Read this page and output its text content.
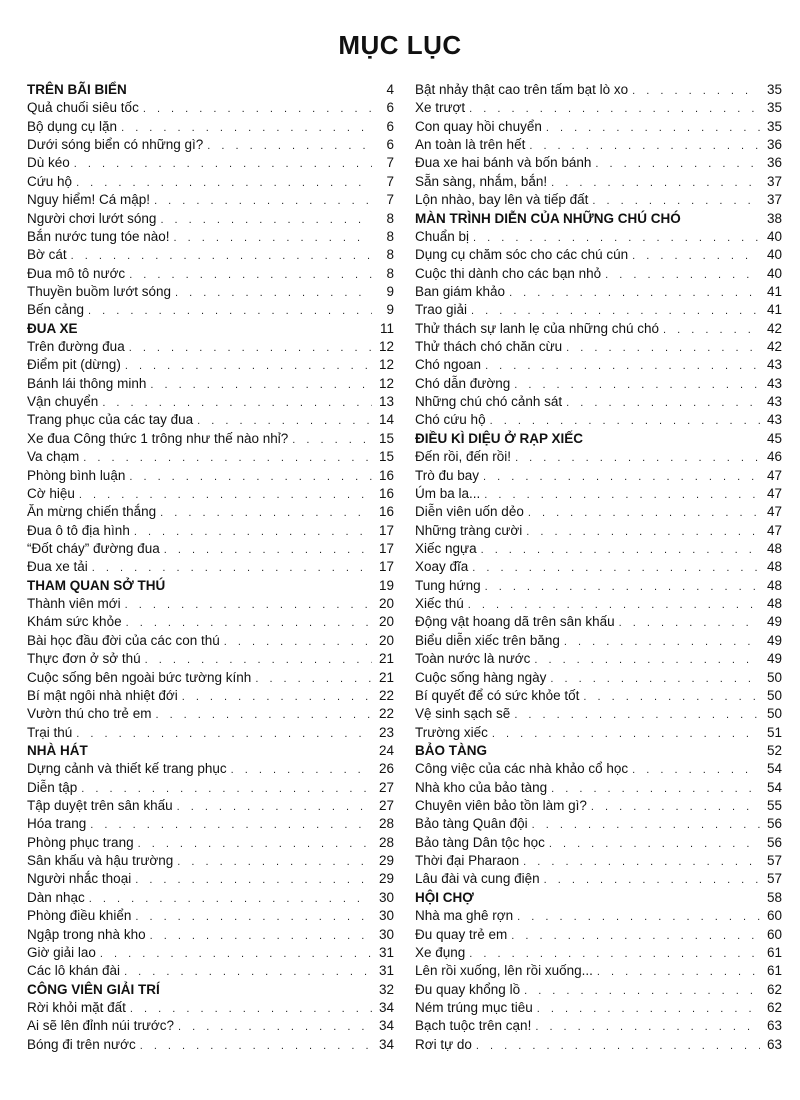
MỤC LỤC
TRÊN BÃI BIỂN	4
Quả chuối siêu tốc . . .	6
Bộ dụng cụ lặn . . .	6
Dưới sóng biển có những gì? . . .	6
Dù kéo . . .	7
Cứu hộ . . .	7
Nguy hiểm! Cá mập! . . .	7
Người chơi lướt sóng . . .	8
Bắn nước tung tóe nào! . . .	8
Bờ cát . . .	8
Đua mô tô nước . . .	8
Thuyền buồm lướt sóng . . .	9
Bến cảng . . .	9
ĐUA XE	11
Trên đường đua . . .	12
Điểm pit (dừng) . . .	12
Bánh lái thông minh . . .	12
Vận chuyển . . .	13
Trang phục của các tay đua . . .	14
Xe đua Công thức 1 trông như thế nào nhỉ? . . .	15
Va chạm . . .	15
Phòng bình luận . . .	16
Cờ hiệu . . .	16
Ăn mừng chiến thắng . . .	16
Đua ô tô địa hình . . .	17
“Đốt cháy” đường đua . . .	17
Đua xe tải . . .	17
THAM QUAN SỞ THÚ	19
Thành viên mới . . .	20
Khám sức khỏe . . .	20
Bài học đầu đời của các con thú . . .	20
Thực đơn ở sở thú . . .	21
Cuộc sống bên ngoài bức tường kính . . .	21
Bí mật ngôi nhà nhiệt đới . . .	22
Vườn thú cho trẻ em . . .	22
Trại thú . . .	23
NHÀ HÁT	24
Dựng cảnh và thiết kế trang phục . . .	26
Diễn tập . . .	27
Tập duyệt trên sân khấu . . .	27
Hóa trang . . .	28
Phòng phục trang . . .	28
Sân khấu và hậu trường . . .	29
Người nhắc thoại . . .	29
Dàn nhạc . . .	30
Phòng điều khiển . . .	30
Ngập trong nhà kho . . .	30
Giờ giải lao . . .	31
Các lô khán đài . . .	31
CÔNG VIÊN GIẢI TRÍ	32
Rời khỏi mặt đất . . .	34
Ai sẽ lên đỉnh núi trước? . . .	34
Bóng đi trên nước . . .	34
Bật nhảy thật cao trên tấm bạt lò xo . . .	35
Xe trượt . . .	35
Con quay hồi chuyển . . .	35
An toàn là trên hết . . .	36
Đua xe hai bánh và bốn bánh . . .	36
Sẵn sàng, nhắm, bắn! . . .	37
Lộn nhào, bay lên và tiếp đất . . .	37
MÀN TRÌNH DIỄN CỦA NHỮNG CHÚ CHÓ	38
Chuẩn bị . . .	40
Dụng cụ chăm sóc cho các chú cún . . .	40
Cuộc thi dành cho các bạn nhỏ . . .	40
Ban giám khảo . . .	41
Trao giải . . .	41
Thử thách sự lanh lẹ của những chú chó . . .	42
Thử thách chó chăn cừu . . .	42
Chó ngoan . . .	43
Chó dẫn đường . . .	43
Những chú chó cảnh sát . . .	43
Chó cứu hộ . . .	43
ĐIỀU KÌ DIỆU Ở RẠP XIẾC	45
Đến rồi, đến rồi! . . .	46
Trò đu bay . . .	47
Úm ba la... . . .	47
Diễn viên uốn dẻo . . .	47
Những tràng cười . . .	47
Xiếc ngựa . . .	48
Xoay đĩa . . .	48
Tung hứng . . .	48
Xiếc thú . . .	48
Động vật hoang dã trên sân khấu . . .	49
Biểu diễn xiếc trên băng . . .	49
Toàn nước là nước . . .	49
Cuộc sống hàng ngày . . .	50
Bí quyết để có sức khỏe tốt . . .	50
Vệ sinh sạch sẽ . . .	50
Trường xiếc . . .	51
BẢO TÀNG	52
Công việc của các nhà khảo cổ học . . .	54
Nhà kho của bảo tàng . . .	54
Chuyên viên bảo tồn làm gì? . . .	55
Bảo tàng Quân đội . . .	56
Bảo tàng Dân tộc học . . .	56
Thời đại Pharaon . . .	57
Lâu đài và cung điện . . .	57
HỘI CHỢ	58
Nhà ma ghê rợn . . .	60
Đu quay trẻ em . . .	60
Xe đụng . . .	61
Lên rồi xuống, lên rồi xuống... . . .	61
Đu quay khổng lồ . . .	62
Ném trúng mục tiêu . . .	62
Bạch tuộc trên cạn! . . .	63
Rơi tự do . . .	63
